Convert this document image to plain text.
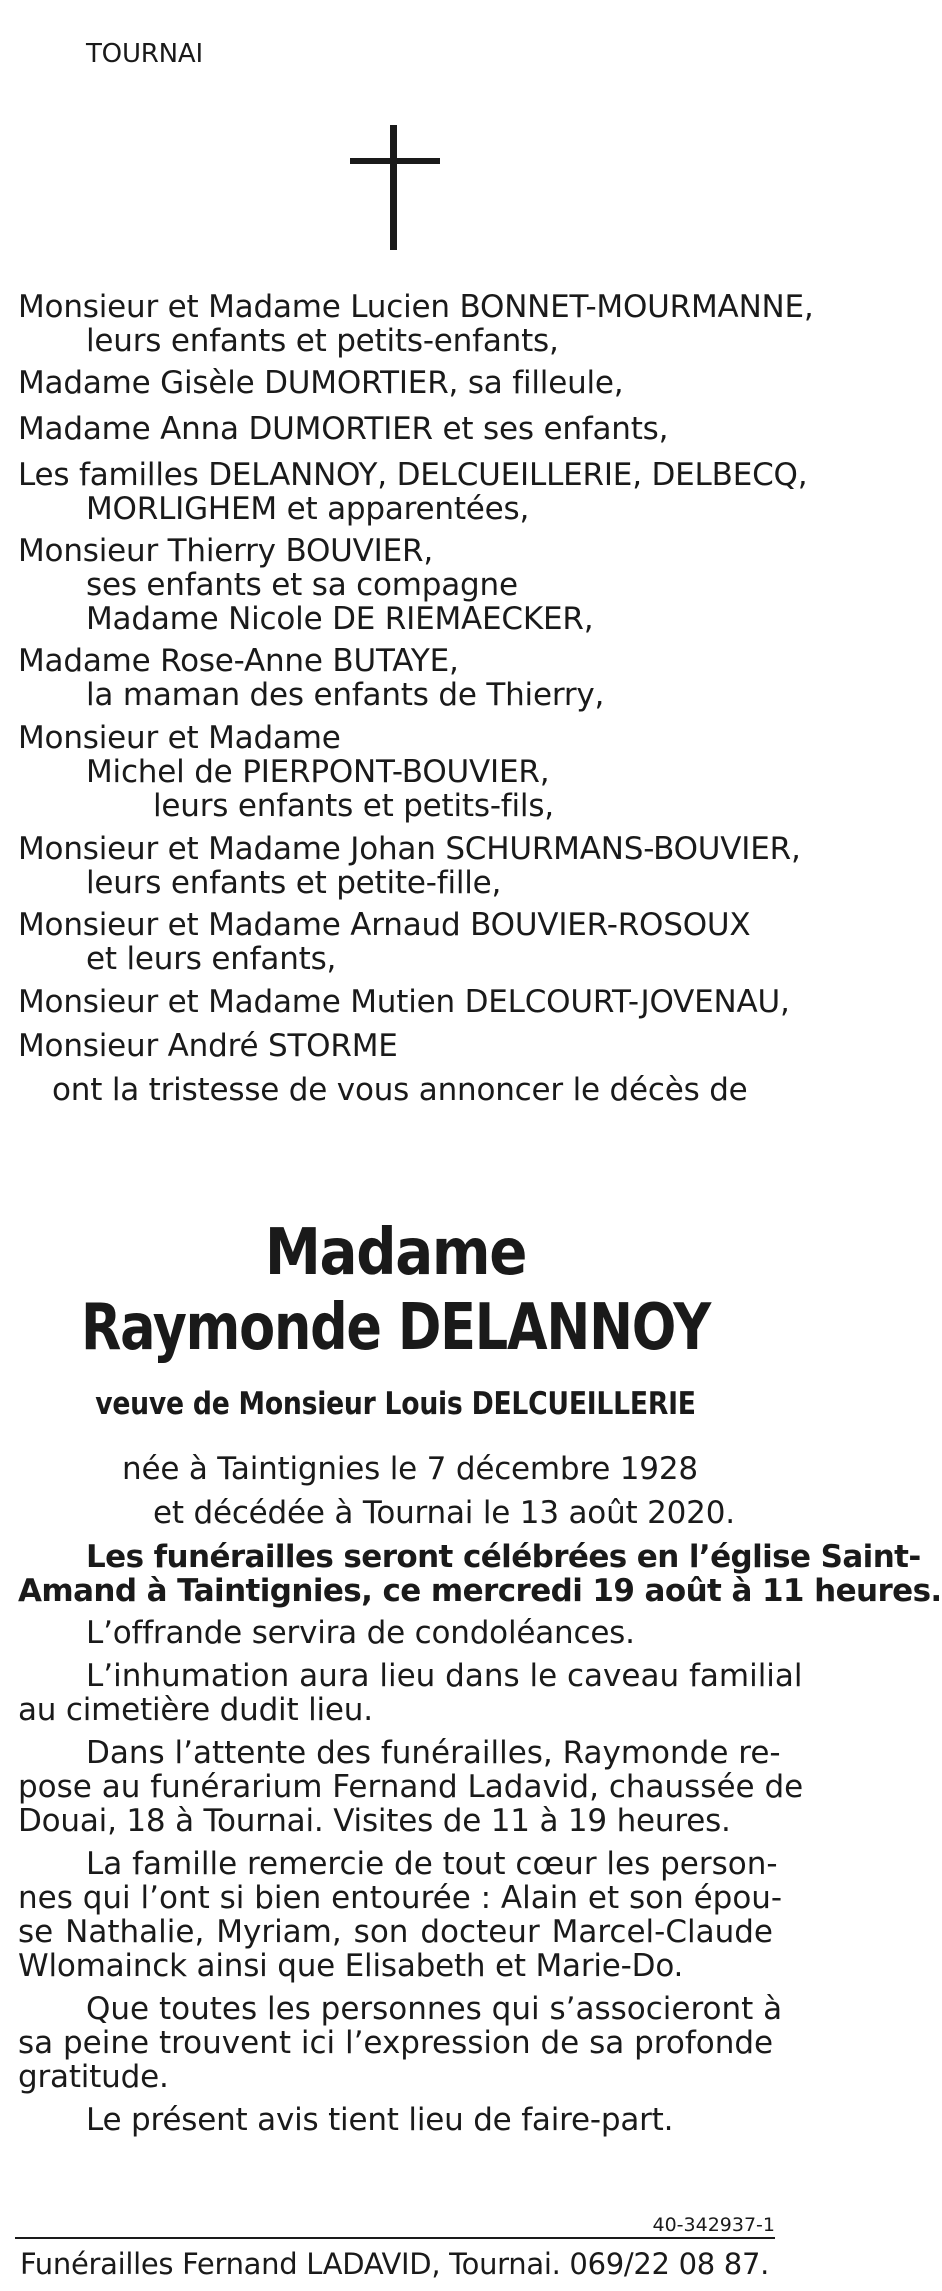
TOURNAI
Monsieur et Madame Lucien BONNET-MOURMANNE,
leurs enfants et petits-enfants,
Madame Gisèle DUMORTIER, sa filleule,
Madame Anna DUMORTIER et ses enfants,
Les familles DELANNOY, DELCUEILLERIE, DELBECQ,
MORLIGHEM et apparentées,
Monsieur Thierry BOUVIER,
ses enfants et sa compagne
Madame Nicole DE RIEMAECKER,
Madame Rose-Anne BUTAYE,
la maman des enfants de Thierry,
Monsieur et Madame
Michel de PIERPONT-BOUVIER,
leurs enfants et petits-fils,
Monsieur et Madame Johan SCHURMANS-BOUVIER,
leurs enfants et petite-fille,
Monsieur et Madame Arnaud BOUVIER-ROSOUX
et leurs enfants,
Monsieur et Madame Mutien DELCOURT-JOVENAU,
Monsieur André STORME
ont la tristesse de vous annoncer le décès de
Madame
Raymonde DELANNOY
veuve de Monsieur Louis DELCUEILLERIE
née à Taintignies le 7 décembre 1928
et décédée à Tournai le 13 août 2020.
Les funérailles seront célébrées en l’église Saint-
Amand à Taintignies, ce mercredi 19 août à 11 heures.
L’offrande servira de condoléances.
L’inhumation aura lieu dans le caveau familial
au cimetière dudit lieu.
Dans l’attente des funérailles, Raymonde re-
pose au funérarium Fernand Ladavid, chaussée de
Douai, 18 à Tournai. Visites de 11 à 19 heures.
La famille remercie de tout cœur les person-
nes qui l’ont si bien entourée : Alain et son épou-
se Nathalie, Myriam, son docteur Marcel-Claude
Wlomainck ainsi que Elisabeth et Marie-Do.
Que toutes les personnes qui s’associeront à
sa peine trouvent ici l’expression de sa profonde
gratitude.
Le présent avis tient lieu de faire-part.
40-342937-1
Funérailles Fernand LADAVID, Tournai. 069/22 08 87.
